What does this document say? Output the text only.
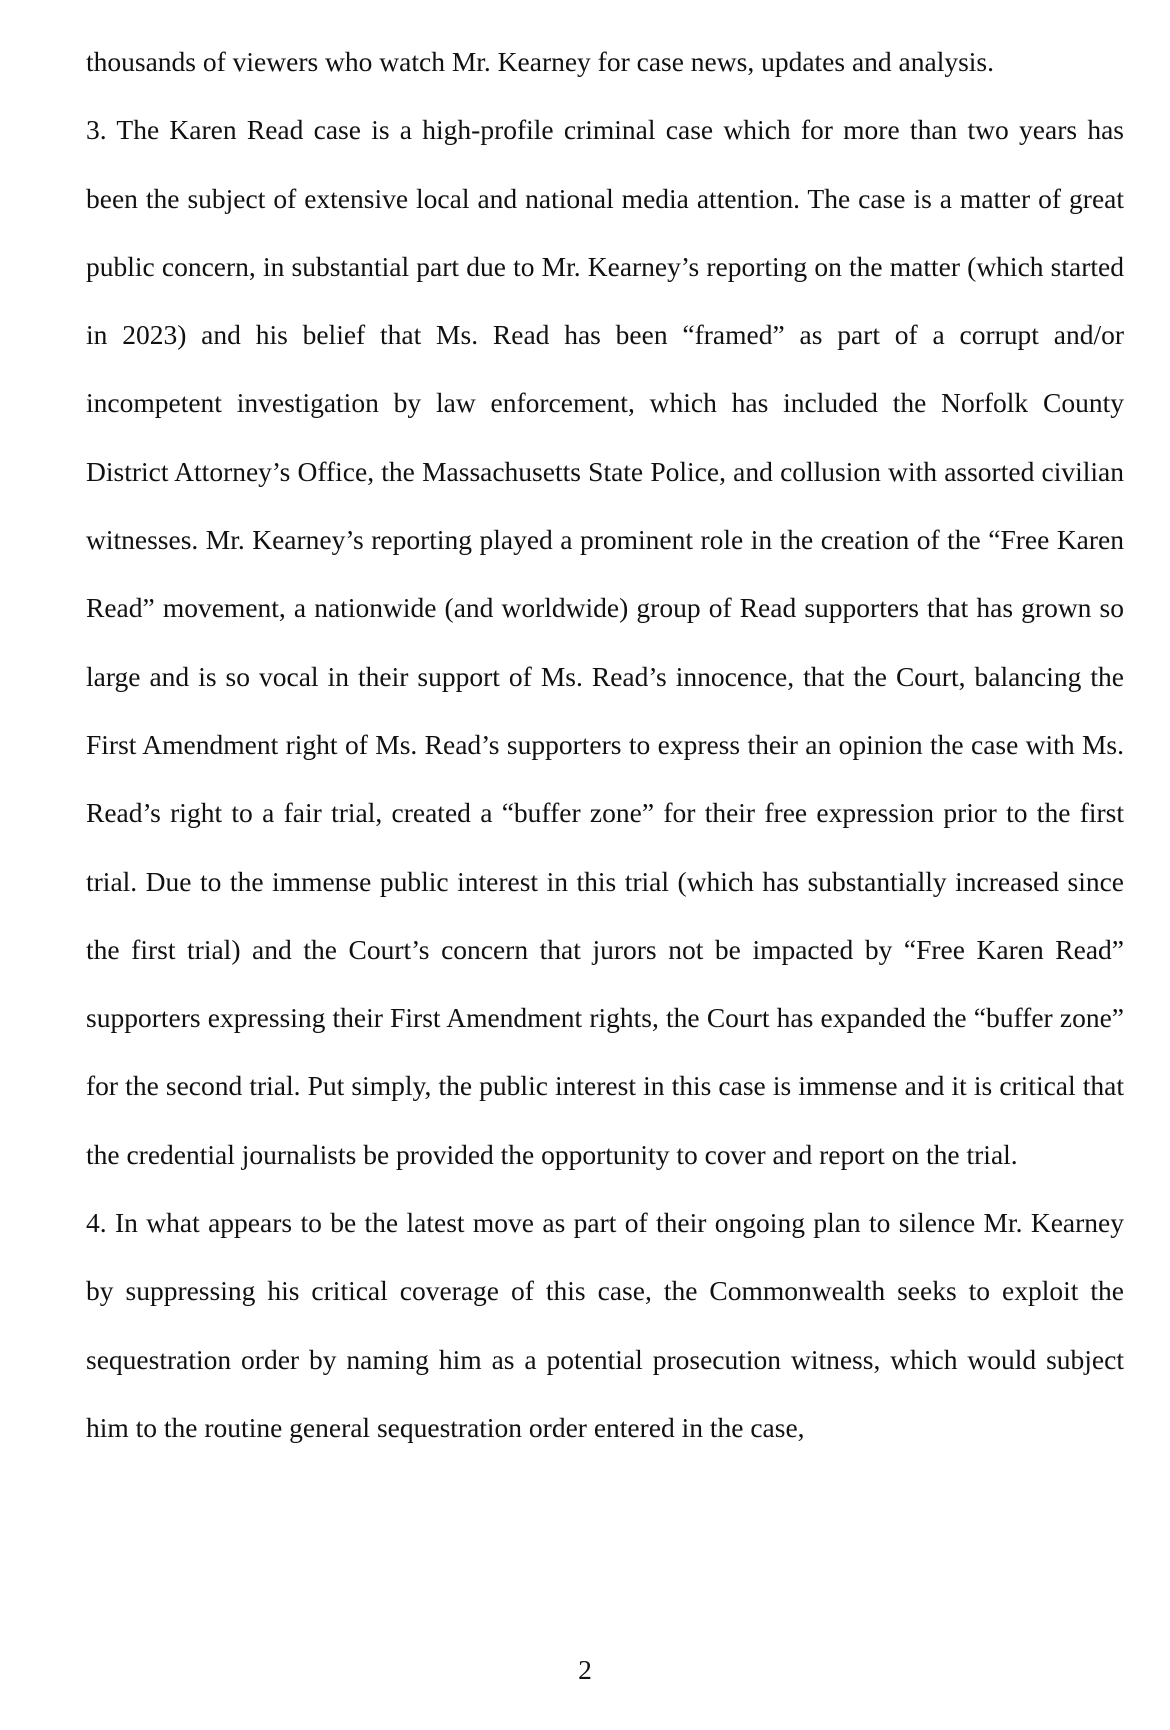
thousands of viewers who watch Mr. Kearney for case news, updates and analysis.

3. The Karen Read case is a high-profile criminal case which for more than two years has been the subject of extensive local and national media attention. The case is a matter of great public concern, in substantial part due to Mr. Kearney’s reporting on the matter (which started in 2023) and his belief that Ms. Read has been “framed” as part of a corrupt and/or incompetent investigation by law enforcement, which has included the Norfolk County District Attorney’s Office, the Massachusetts State Police, and collusion with assorted civilian witnesses. Mr. Kearney’s reporting played a prominent role in the creation of the “Free Karen Read” movement, a nationwide (and worldwide) group of Read supporters that has grown so large and is so vocal in their support of Ms. Read’s innocence, that the Court, balancing the First Amendment right of Ms. Read’s supporters to express their an opinion the case with Ms. Read’s right to a fair trial, created a “buffer zone” for their free expression prior to the first trial. Due to the immense public interest in this trial (which has substantially increased since the first trial) and the Court’s concern that jurors not be impacted by “Free Karen Read” supporters expressing their First Amendment rights, the Court has expanded the “buffer zone” for the second trial. Put simply, the public interest in this case is immense and it is critical that the credential journalists be provided the opportunity to cover and report on the trial.

4. In what appears to be the latest move as part of their ongoing plan to silence Mr. Kearney by suppressing his critical coverage of this case, the Commonwealth seeks to exploit the sequestration order by naming him as a potential prosecution witness, which would subject him to the routine general sequestration order entered in the case,

2
